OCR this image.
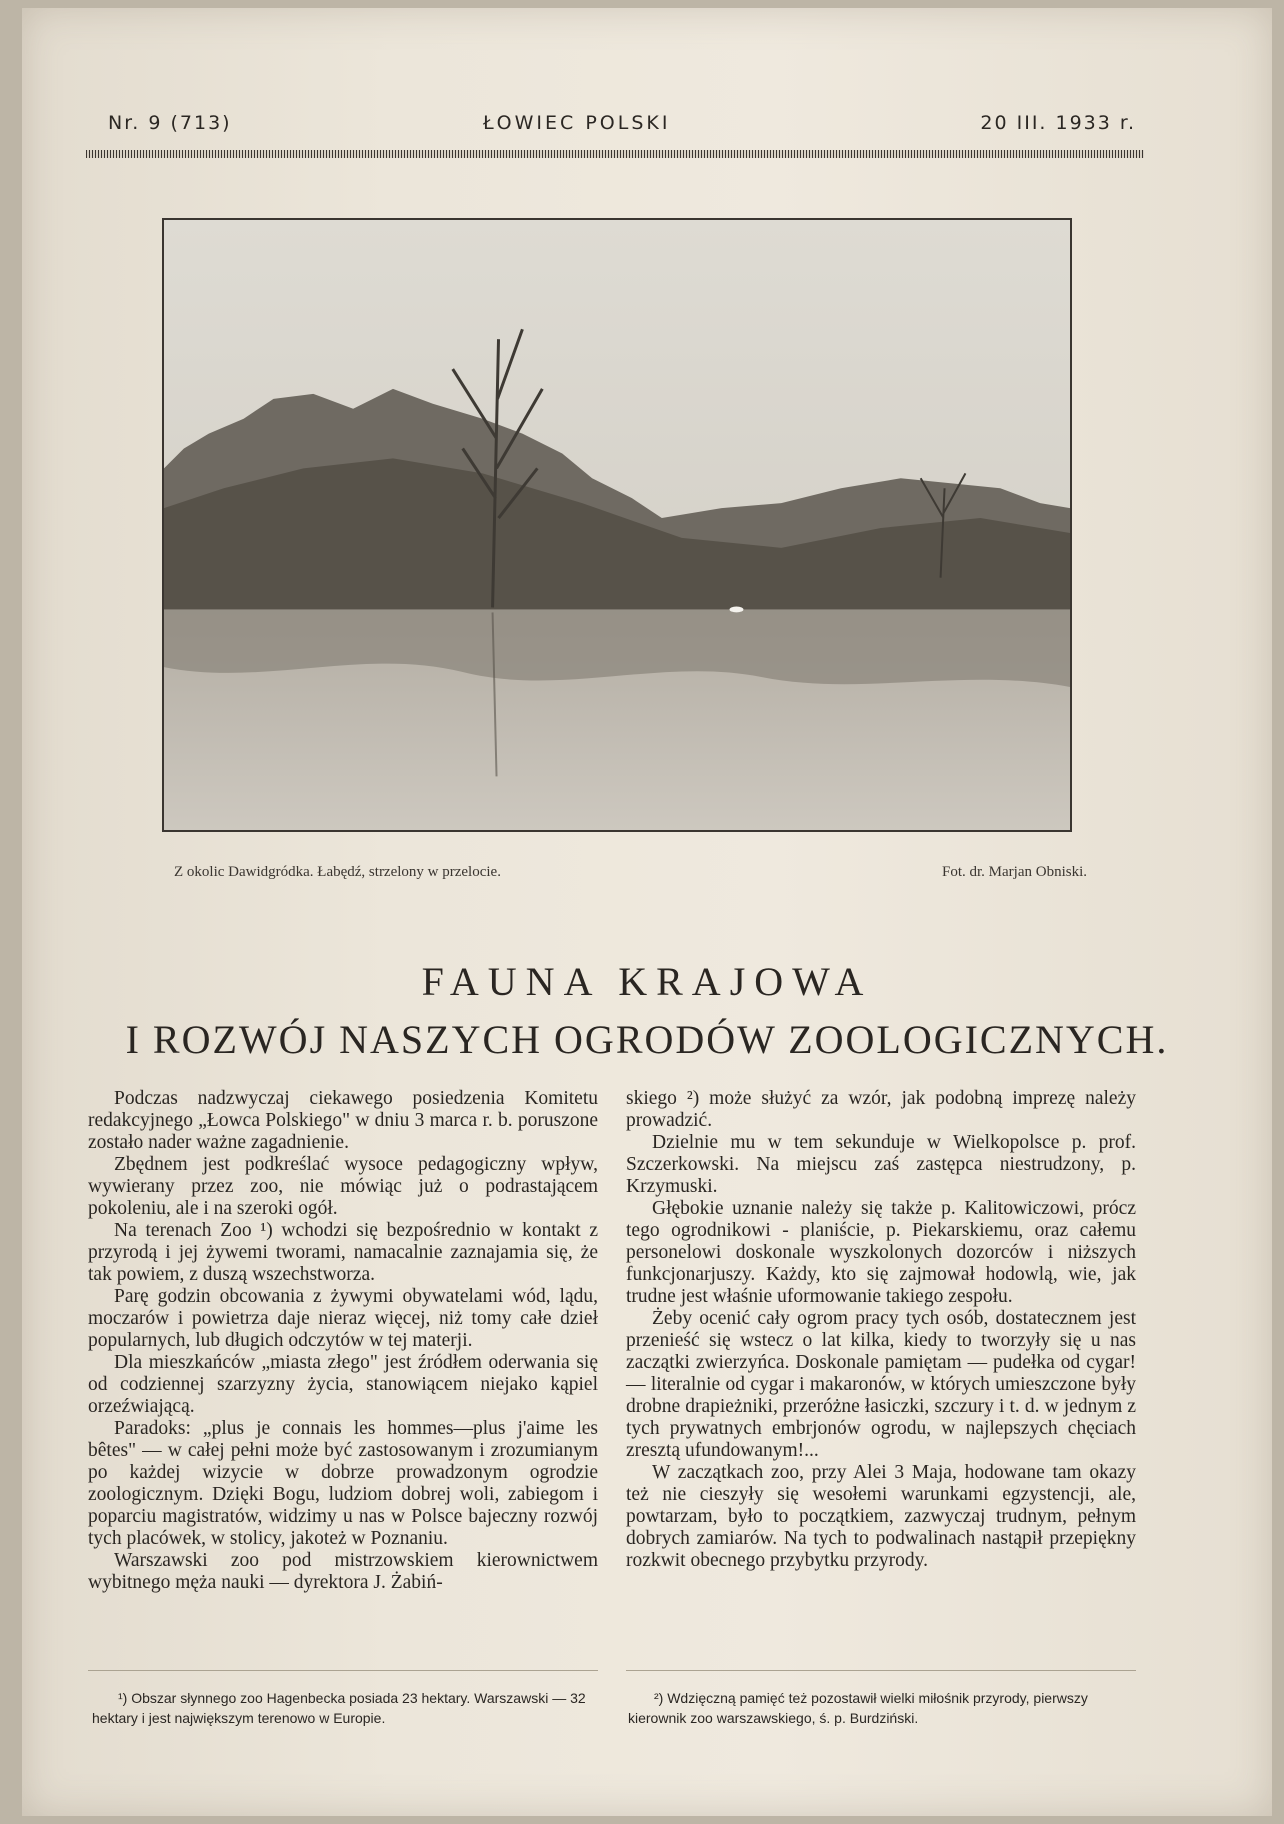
Nr. 9 (713)	ŁOWIEC POLSKI	20 III. 1933 r.
Z okolic Dawidgródka. Łabędź, strzelony w przelocie.	Fot. dr. Marjan Obniski.
FAUNA KRAJOWA
I ROZWÓJ NASZYCH OGRODÓW ZOOLOGICZNYCH.

Podczas nadzwyczaj ciekawego posiedzenia Komitetu redakcyjnego „Łowca Polskiego" w dniu 3 marca r. b. poruszone zostało nader ważne zagadnienie.

Zbędnem jest podkreślać wysoce pedagogiczny wpływ, wywierany przez zoo, nie mówiąc już o podrastającem pokoleniu, ale i na szeroki ogół.

Na terenach Zoo ¹) wchodzi się bezpośrednio w kontakt z przyrodą i jej żywemi tworami, namacalnie zaznajamia się, że tak powiem, z duszą wszechstworza.

Parę godzin obcowania z żywymi obywatelami wód, lądu, moczarów i powietrza daje nieraz więcej, niż tomy całe dzieł popularnych, lub długich odczytów w tej materji.

Dla mieszkańców „miasta złego" jest źródłem oderwania się od codziennej szarzyzny życia, stanowiącem niejako kąpiel orzeźwiającą.

Paradoks: „plus je connais les hommes—plus j'aime les bêtes" — w całej pełni może być zastosowanym i zrozumianym po każdej wizycie w dobrze prowadzonym ogrodzie zoologicznym. Dzięki Bogu, ludziom dobrej woli, zabiegom i poparciu magistratów, widzimy u nas w Polsce bajeczny rozwój tych placówek, w stolicy, jakoteż w Poznaniu.

Warszawski zoo pod mistrzowskiem kierownictwem wybitnego męża nauki — dyrektora J. Żabiń-

skiego ²) może służyć za wzór, jak podobną imprezę należy prowadzić.

Dzielnie mu w tem sekunduje w Wielkopolsce p. prof. Szczerkowski. Na miejscu zaś zastępca niestrudzony, p. Krzymuski.

Głębokie uznanie należy się także p. Kalitowiczowi, prócz tego ogrodnikowi - planiście, p. Piekarskiemu, oraz całemu personelowi doskonale wyszkolonych dozorców i niższych funkcjonarjuszy. Każdy, kto się zajmował hodowlą, wie, jak trudne jest właśnie uformowanie takiego zespołu.

Żeby ocenić cały ogrom pracy tych osób, dostatecznem jest przenieść się wstecz o lat kilka, kiedy to tworzyły się u nas zaczątki zwierzyńca. Doskonale pamiętam — pudełka od cygar! — literalnie od cygar i makaronów, w których umieszczone były drobne drapieżniki, przeróżne łasiczki, szczury i t. d. w jednym z tych prywatnych embrjonów ogrodu, w najlepszych chęciach zresztą ufundowanym!...

W zaczątkach zoo, przy Alei 3 Maja, hodowane tam okazy też nie cieszyły się wesołemi warunkami egzystencji, ale, powtarzam, było to początkiem, zazwyczaj trudnym, pełnym dobrych zamiarów. Na tych to podwalinach nastąpił przepiękny rozkwit obecnego przybytku przyrody.

¹) Obszar słynnego zoo Hagenbecka posiada 23 hektary. Warszawski — 32 hektary i jest największym terenowo w Europie.

²) Wdzięczną pamięć też pozostawił wielki miłośnik przyrody, pierwszy kierownik zoo warszawskiego, ś. p. Burdziński.
